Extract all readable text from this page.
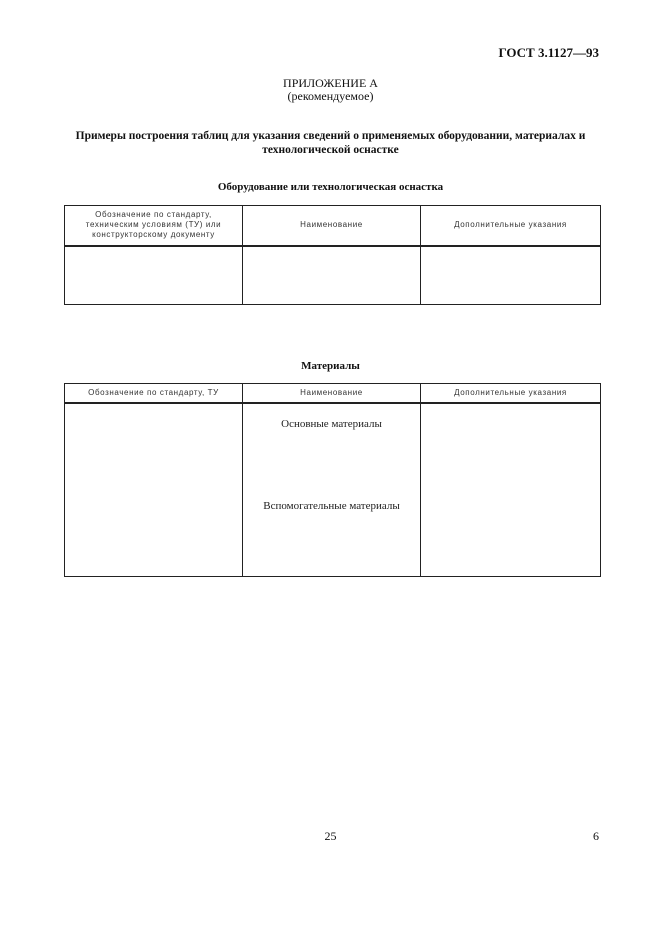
ГОСТ 3.1127—93
ПРИЛОЖЕНИЕ А
(рекомендуемое)
Примеры построения таблиц для указания сведений о применяемых оборудовании, материалах и
технологической оснастке
Оборудование или технологическая оснастка
Обозначение по стандарту,
техническим условиям (ТУ) или
конструкторскому документу	Наименование	Дополнительные указания

Материалы
Обозначение по стандарту, ТУ	Наименование	Дополнительные указания

	Основные материалы
Вспомогательные материалы	

25	6
